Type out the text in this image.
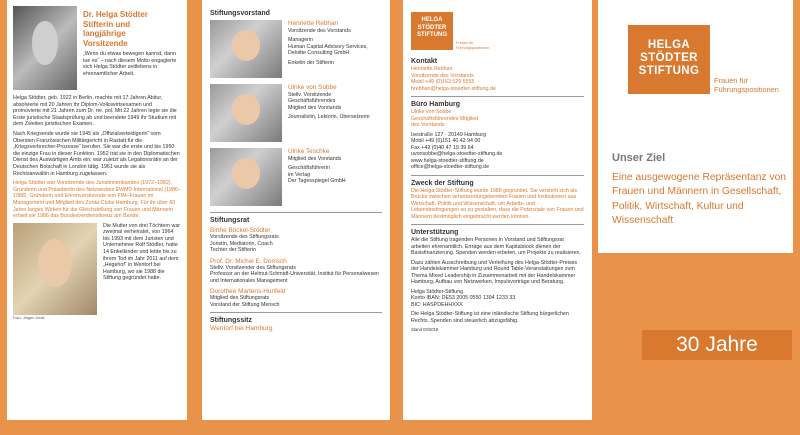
Dr. Helga Stödter
Stifterin und
langjährige
Vorsitzende
„Wenn du etwas bewegen kannst, dann tue es“ – nach diesem Motto engagierte sich Helga Stödter zeitlebens in ehrenamtlicher Arbeit.

Helga Stödter, geb. 1922 in Berlin, machte mit 17 Jahren Abitur, absolvierte mit 20 Jahren ihr Diplom-Volkswirtsexamen und promovierte mit 21 Jahren zum Dr. rer. pol. Mit 22 Jahren legte sie die Erste juristische Staatsprüfung ab und beendete 1949 ihr Studium mit dem Zweiten juristischen Examen.

Nach Kriegsende wurde sie 1945 als „Offizialverteidigerin“ vom Obersten Französischen Militärgericht in Rastatt für die „Kriegsverbrecher-Prozesse“ berufen. Sie war die erste und bis 1950 die einzige Frau in dieser Funktion. 1952 trat sie in den Diplomatischen Dienst des Auswärtigen Amts ein, war zuletzt als Legationsrätin an der Deutschen Botschaft in London tätig. 1961 wurde sie als Rechtsanwältin in Hamburg zugelassen.

Helga Stödter war Vorsitzende des Juristinnenbundes (1972–1982), Gründerin und Präsidentin des Netzwerkes EWMD International (1986–1988), Gründerin und Ehrenvorsitzende von FIM–Frauen im Management und Mitglied des Zonta-Clubs Hamburg. Für ihr über 60 Jahre langes Wirken für die Gleichstellung von Frauen und Männern erhielt sie 1986 das Bundesverdienstkreuz am Bande.

Die Mutter von drei Töchtern war zweimal verheiratet, von 1964 bis 1993 mit dem Juristen und Unternehmer Rolf Stödter, hatte 14 Enkelkinder und lebte bis zu ihrem Tod im Jahr 2011 auf dem „Hegehof“ in Wentorf bei Hamburg, wo sie 1988 die Stiftung gegründet hatte.
Foto: Jürgen Joost
Stiftungsvorstand
Henriette Rebhan
Vorsitzende des Vorstands
Managerin
Human Capital Advisory Services, Deloitte Consulting GmbH
Enkelin der Stifterin
Ulrike von Sobbe
Stellv. Vorsitzende
Geschäftsführendes
Mitglied des Vorstands
Journalistin, Lektorin, Übersetzerin
Ulrike Teschke
Mitglied des Vorstands
Geschäftsführerin
im Verlag
Der Tagesspiegel GmbH
Stiftungsrat
Birthe Böckel-Stödter
Vorsitzende des Stiftungsrats
Juristin, Mediatorin, Coach
Tochter der Stifterin
Prof. Dr. Michel E. Domsch
Stellv. Vorsitzender des Stiftungsrats
Professor an der Helmut-Schmidt-Universität, Institut für Personalwesen und Internationales Management
Dorothee Martens-Hunfeld
Mitglied des Stiftungsrats
Vorstand der Stiftung Mensch
Stiftungssitz
Wentorf bei Hamburg
HELGA
STÖDTER
STIFTUNG
Frauen für
Führungspositionen
Kontakt
Henriette Rebhan
Vorsitzende des Vorstands
Mobil +49 (0)163 529 5555
hrebhan@helga-stoedter-stiftung.de
Büro Hamburg
Ulrike von Sobbe
Geschäftsführendes Mitglied
des Vorstands
Isestraße 127 · 20149 Hamburg
Mobil +49 (0)151 40 42 94 00
Fax +49 (0)40 47 19 39 64
uvonsobbe@helga-stoedter-stiftung.de
www.helga-stoedter-stiftung.de
office@helga-stoedter-stiftung.de
Zweck der Stiftung
Die Helga Stödter-Stiftung wurde 1988 gegründet. Sie versteht sich als Brücke zwischen verantwortungsbereiten Frauen und Institutionen aus Wirtschaft, Politik und Wissenschaft, um Arbeits- und Lebensbedingungen so zu gestalten, dass die Potenziale von Frauen und Männern bestmöglich eingebracht werden können.
Unterstützung
Alle die Stiftung tragenden Personen in Vorstand und Stiftungsrat arbeiten ehrenamtlich. Erträge aus dem Kapitalstock dienen der Basisfinanzierung. Spenden werden erbeten, um Projekte zu realisieren.
Dazu zählen Ausschreibung und Verleihung des Helga-Stödter-Preises der Handelskammer Hamburg und Round Table-Veranstaltungen zum Thema Mixed Leadership in Zusammenarbeit mit der Handelskammer Hamburg, Aufbau von Netzwerken, Impulsvorträge und Beratung.
Helga Stödter-Stiftung
Konto IBAN: DE53 2005 0550 1394 1233 33
BIC: HASPDEHHXXX
Die Helga Stödter-Stiftung ist eine inländische Stiftung bürgerlichen Rechts. Spenden sind steuerlich abzugsfähig.
Stand 03/2018
HELGA
STÖDTER
STIFTUNG
Frauen für
Führungspositionen
Unser Ziel
Eine ausgewogene Repräsentanz von Frauen und Männern in Gesellschaft, Politik, Wirtschaft, Kultur und Wissenschaft
30 Jahre
